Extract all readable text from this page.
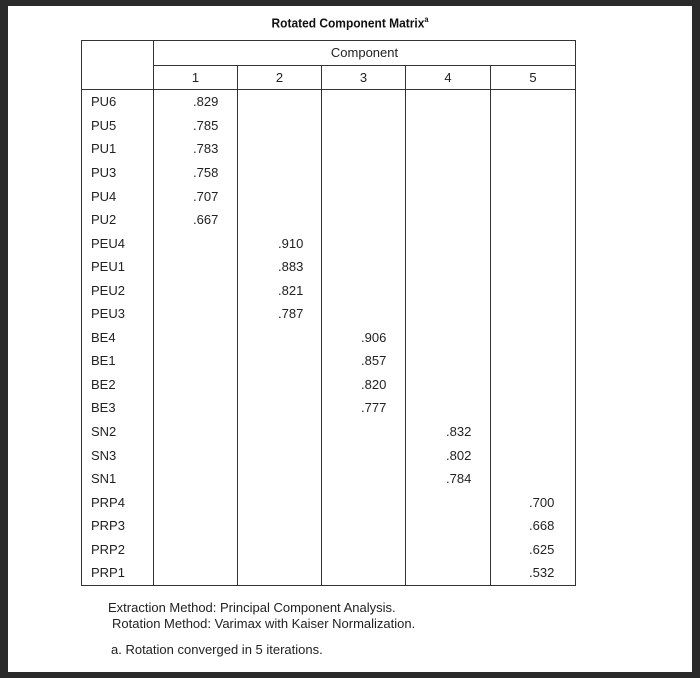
Rotated Component Matrix$^a$
	Component				
	1	2	3	4	5
PU6	.829				
PU5	.785				
PU1	.783				
PU3	.758				
PU4	.707				
PU2	.667				
PEU4		.910			
PEU1		.883			
PEU2		.821			
PEU3		.787			
BE4			.906		
BE1			.857		
BE2			.820		
BE3			.777		
SN2				.832	
SN3				.802	
SN1				.784	
PRP4					.700
PRP3					.668
PRP2					.625
PRP1					.532
Extraction Method: Principal Component Analysis.
Rotation Method: Varimax with Kaiser Normalization.
a. Rotation converged in 5 iterations.
